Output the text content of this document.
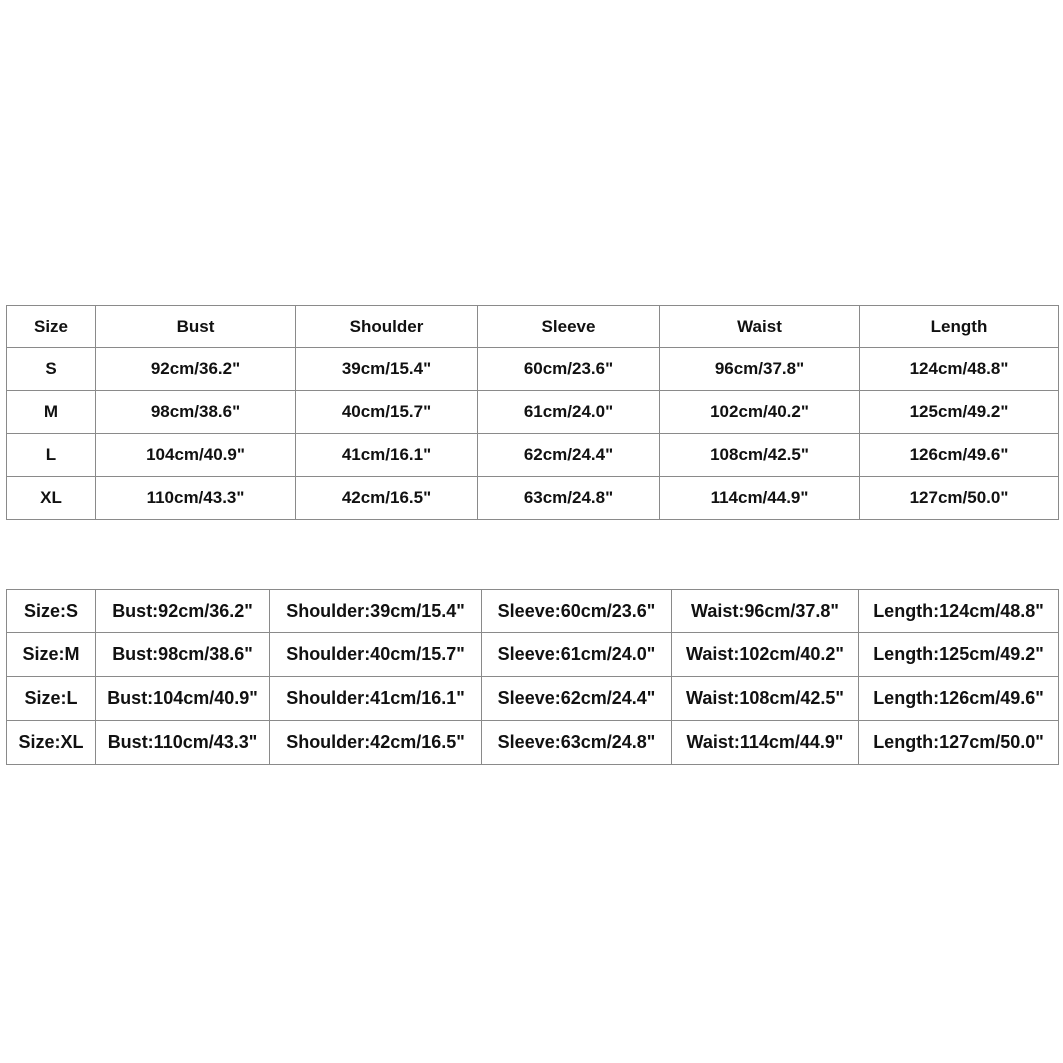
Size	Bust	Shoulder	Sleeve	Waist	Length
S	92cm/36.2"	39cm/15.4"	60cm/23.6"	96cm/37.8"	124cm/48.8"
M	98cm/38.6"	40cm/15.7"	61cm/24.0"	102cm/40.2"	125cm/49.2"
L	104cm/40.9"	41cm/16.1"	62cm/24.4"	108cm/42.5"	126cm/49.6"
XL	110cm/43.3"	42cm/16.5"	63cm/24.8"	114cm/44.9"	127cm/50.0"
Size:S	Bust:92cm/36.2"	Shoulder:39cm/15.4"	Sleeve:60cm/23.6"	Waist:96cm/37.8"	Length:124cm/48.8"
Size:M	Bust:98cm/38.6"	Shoulder:40cm/15.7"	Sleeve:61cm/24.0"	Waist:102cm/40.2"	Length:125cm/49.2"
Size:L	Bust:104cm/40.9"	Shoulder:41cm/16.1"	Sleeve:62cm/24.4"	Waist:108cm/42.5"	Length:126cm/49.6"
Size:XL	Bust:110cm/43.3"	Shoulder:42cm/16.5"	Sleeve:63cm/24.8"	Waist:114cm/44.9"	Length:127cm/50.0"
